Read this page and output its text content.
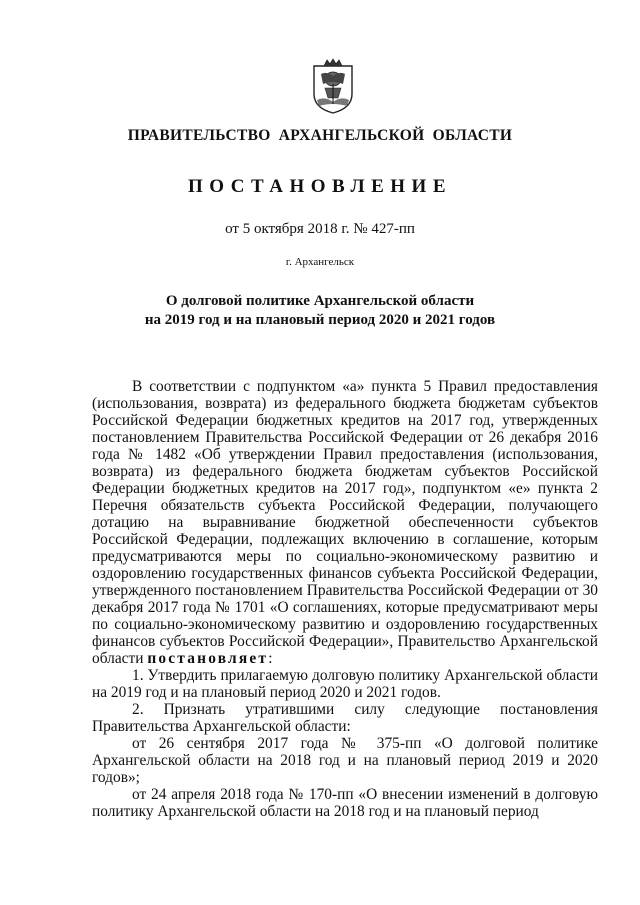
ПРАВИТЕЛЬСТВО АРХАНГЕЛЬСКОЙ ОБЛАСТИ
ПОСТАНОВЛЕНИЕ
от 5 октября 2018 г. № 427-пп
г. Архангельск
О долговой политике Архангельской области
на 2019 год и на плановый период 2020 и 2021 годов

В соответствии с подпунктом «а» пункта 5 Правил предоставления (использования, возврата) из федерального бюджета бюджетам субъектов Российской Федерации бюджетных кредитов на 2017 год, утвержденных постановлением Правительства Российской Федерации от 26 декабря 2016 года № 1482 «Об утверждении Правил предоставления (использования, возврата) из федерального бюджета бюджетам субъектов Российской Федерации бюджетных кредитов на 2017 год», подпунктом «е» пункта 2 Перечня обязательств субъекта Российской Федерации, получающего дотацию на выравнивание бюджетной обеспеченности субъектов Российской Федерации, подлежащих включению в соглашение, которым предусматриваются меры по социально-экономическому развитию и оздоровлению государственных финансов субъекта Российской Федерации, утвержденного постановлением Правительства Российской Федерации от 30 декабря 2017 года № 1701 «О соглашениях, которые предусматривают меры по социально-экономическому развитию и оздоровлению государственных финансов субъектов Российской Федерации», Правительство Архангельской области постановляет:

1. Утвердить прилагаемую долговую политику Архангельской области на 2019 год и на плановый период 2020 и 2021 годов.

2. Признать утратившими силу следующие постановления Правительства Архангельской области:

от 26 сентября 2017 года № 375-пп «О долговой политике Архангельской области на 2018 год и на плановый период 2019 и 2020 годов»;

от 24 апреля 2018 года № 170-пп «О внесении изменений в долговую политику Архангельской области на 2018 год и на плановый период
